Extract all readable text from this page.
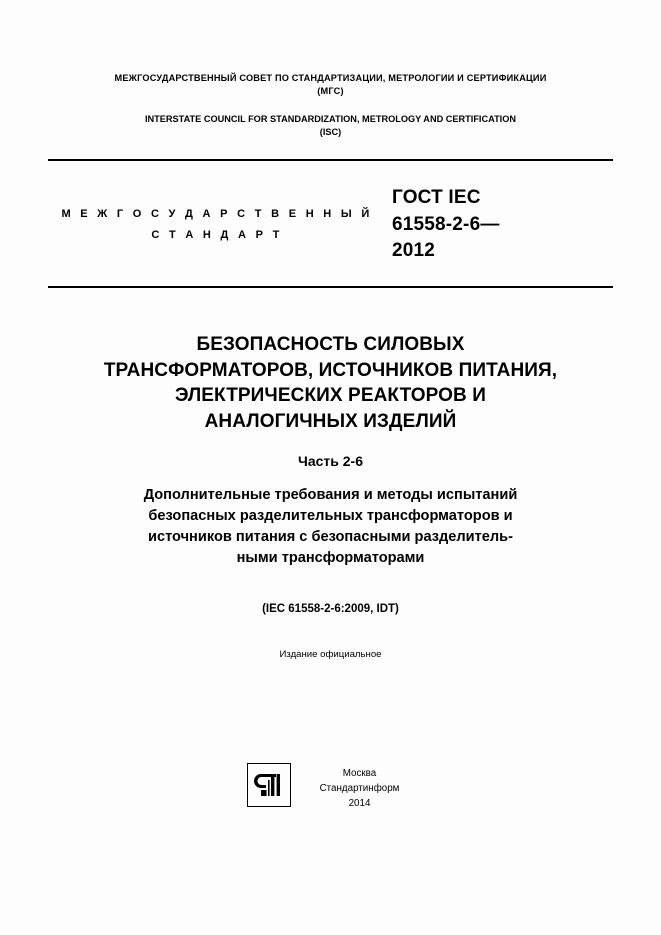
МЕЖГОСУДАРСТВЕННЫЙ СОВЕТ ПО СТАНДАРТИЗАЦИИ, МЕТРОЛОГИИ И СЕРТИФИКАЦИИ
(МГС)
INTERSTATE COUNCIL FOR STANDARDIZATION, METROLOGY AND CERTIFICATION
(ISC)
М Е Ж Г О С У Д А Р С Т В Е Н Н Ы Й
С Т А Н Д А Р Т
ГОСТ IEC
61558-2-6—
2012
БЕЗОПАСНОСТЬ СИЛОВЫХ
ТРАНСФОРМАТОРОВ, ИСТОЧНИКОВ ПИТАНИЯ,
ЭЛЕКТРИЧЕСКИХ РЕАКТОРОВ И
АНАЛОГИЧНЫХ ИЗДЕЛИЙ
Часть 2-6
Дополнительные требования и методы испытаний
безопасных разделительных трансформаторов и
источников питания с безопасными разделитель-
ными трансформаторами
(IEC 61558-2-6:2009, IDT)
Издание официальное
Москва
Стандартинформ
2014
